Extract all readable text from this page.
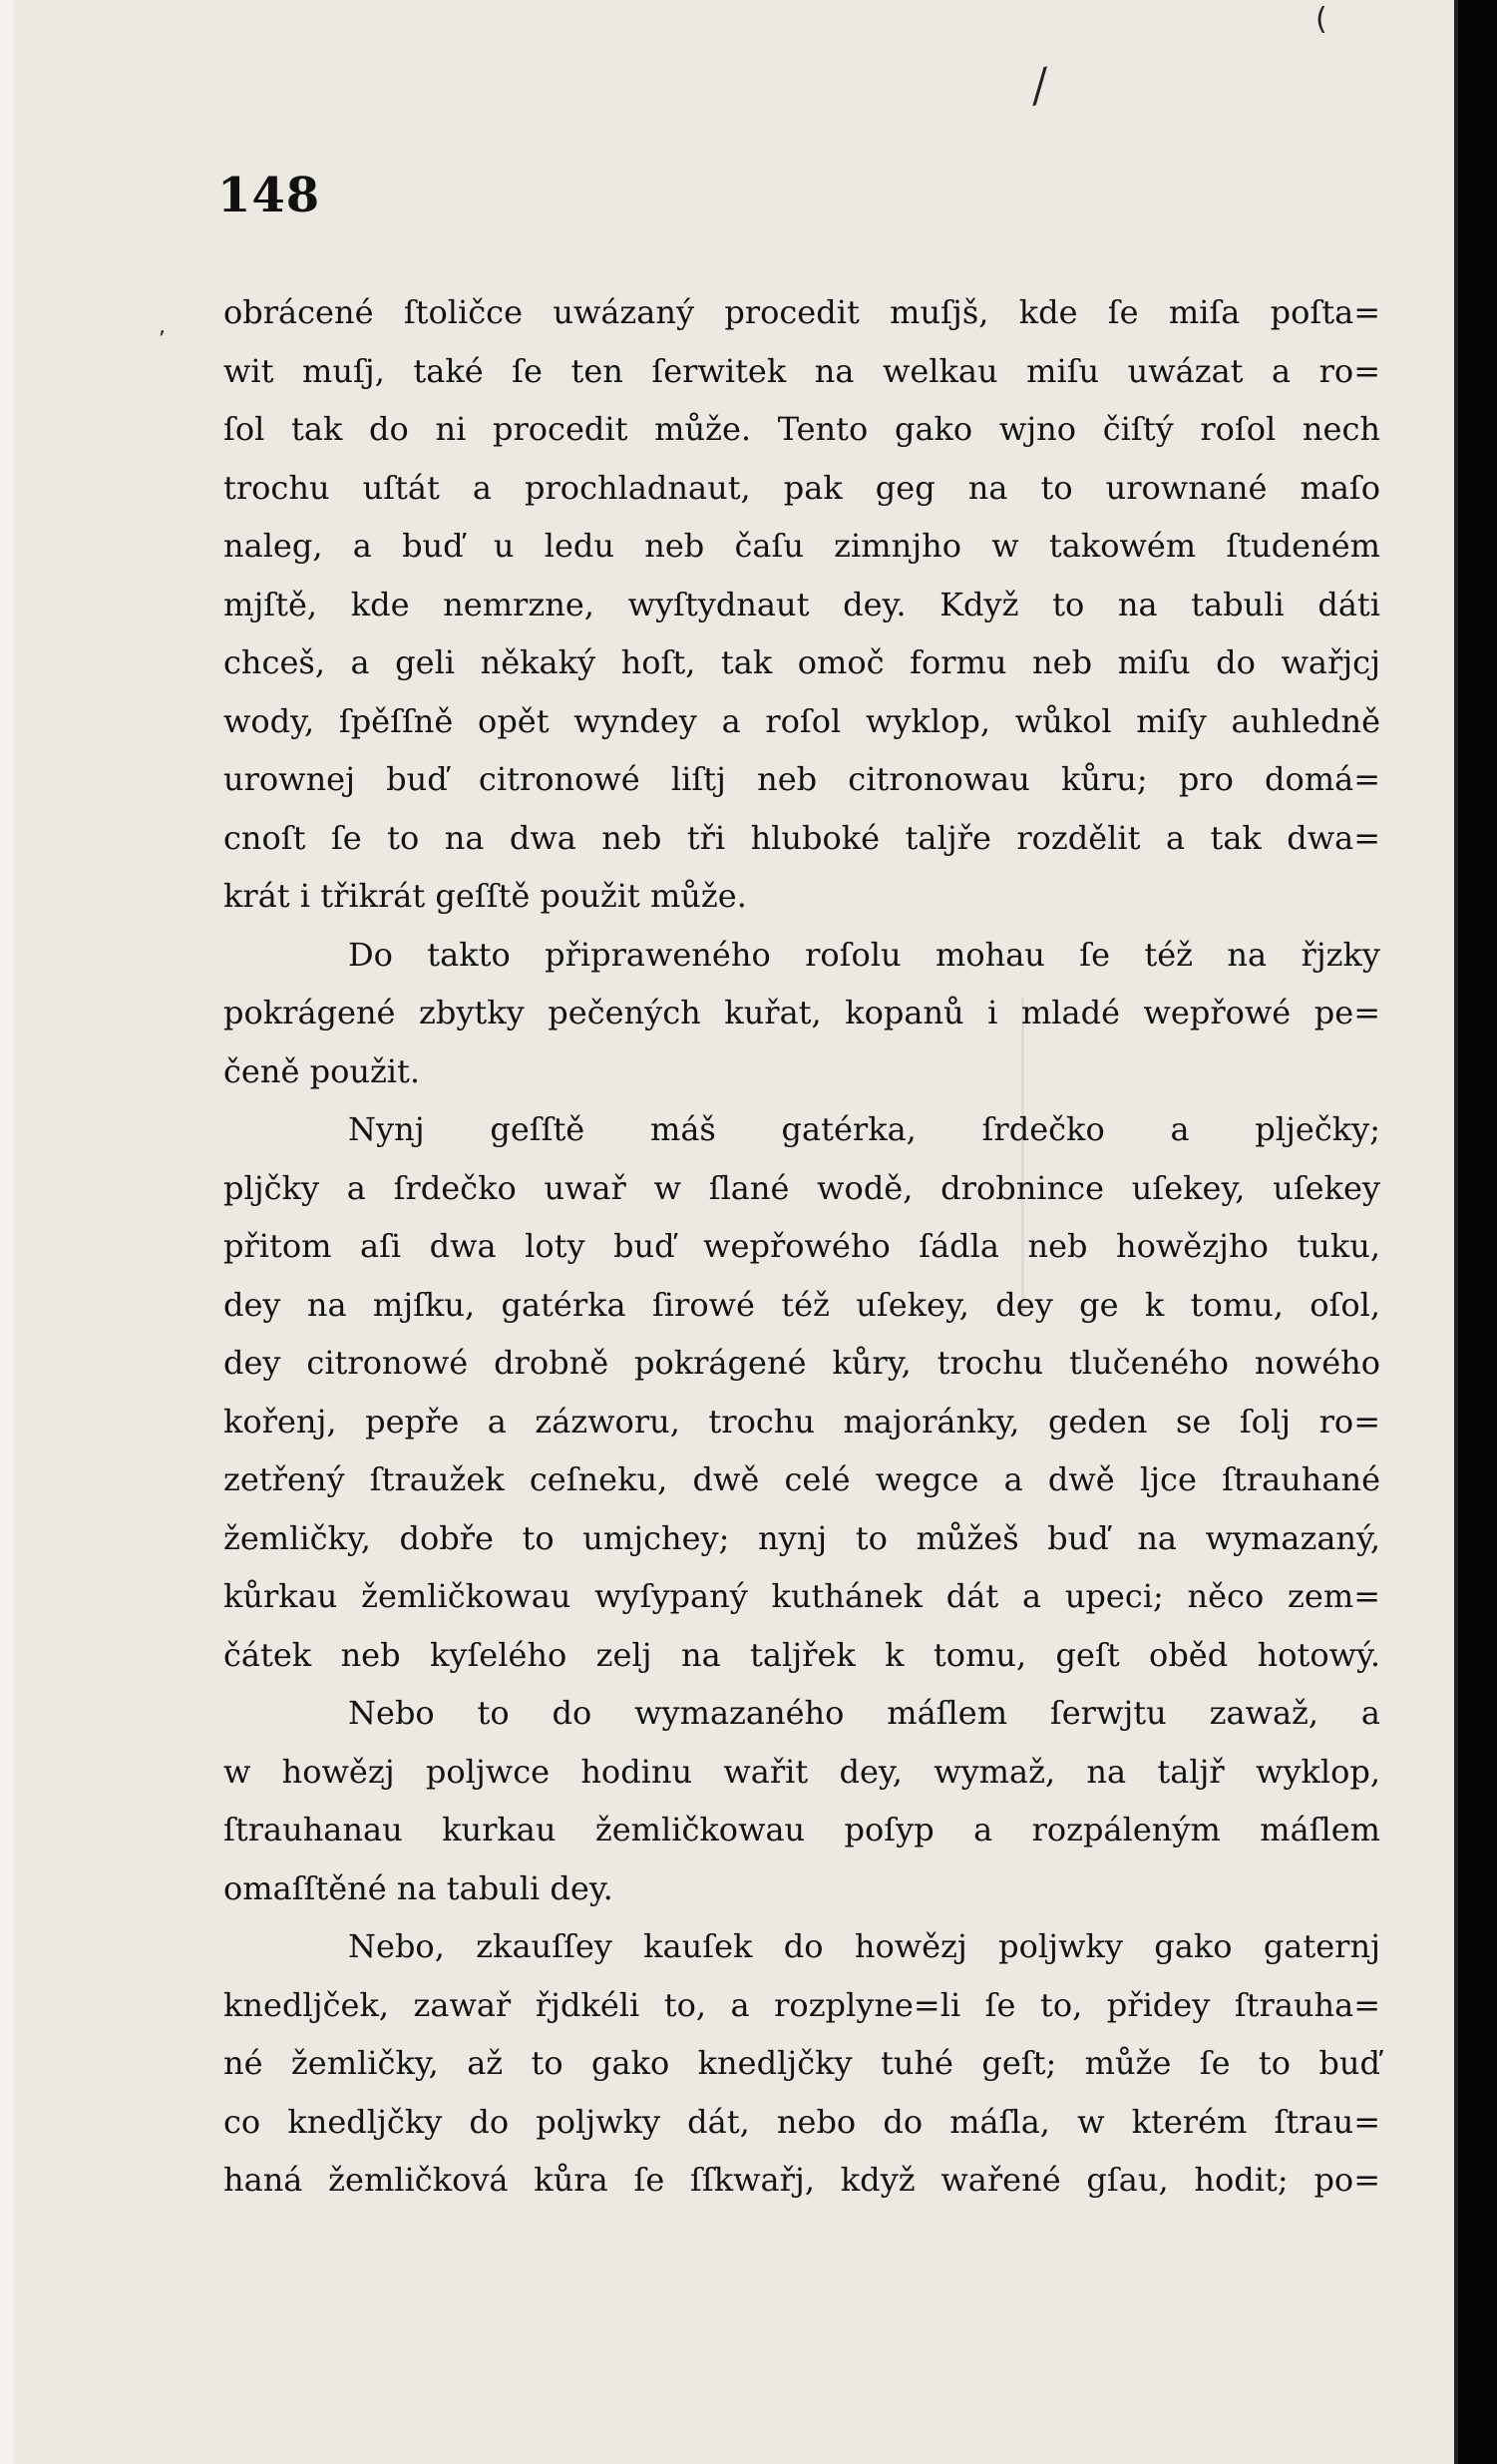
(
⁄
,
148
obrácené ſtoličce uwázaný procedit muſjš, kde ſe miſa poſta=
wit muſj, také ſe ten ſerwitek na welkau miſu uwázat a ro=
ſol tak do ni procedit může. Tento gako wjno čiſtý roſol nech
trochu uſtát a prochladnaut, pak geg na to urownané maſo
naleg, a buď u ledu neb čaſu zimnjho w takowém ſtudeném
mjſtě, kde nemrzne, wyſtydnaut dey. Když to na tabuli dáti
chceš, a geli někaký hoſt, tak omoč formu neb miſu do wařjcj
wody, ſpěſſně opět wyndey a roſol wyklop, wůkol miſy auhledně
urownej buď citronowé liſtj neb citronowau kůru; pro domá=
cnoſt ſe to na dwa neb tři hluboké taljře rozdělit a tak dwa=
krát i třikrát geſſtě použit může.
Do takto připraweného roſolu mohau ſe též na řjzky
pokrágené zbytky pečených kuřat, kopanů i mladé wepřowé pe=
čeně použit.
Nynj geſſtě máš gatérka, ſrdečko a plječky;
pljčky a ſrdečko uwař w ſlané wodě, drobnince uſekey, uſekey
přitom aſi dwa loty buď wepřowého ſádla neb howězjho tuku,
dey na mjſku, gatérka ſirowé též uſekey, dey ge k tomu, oſol,
dey citronowé drobně pokrágené kůry, trochu tlučeného nowého
kořenj, pepře a zázworu, trochu majoránky, geden se ſolj ro=
zetřený ſtraužek ceſneku, dwě celé wegce a dwě ljce ſtrauhané
žemličky, dobře to umjchey; nynj to můžeš buď na wymazaný,
kůrkau žemličkowau wyſypaný kuthánek dát a upeci; něco zem=
čátek neb kyſelého zelj na taljřek k tomu, geſt oběd hotowý.
Nebo to do wymazaného máſlem ſerwjtu zawaž, a
w howězj poljwce hodinu wařit dey, wymaž, na taljř wyklop,
ſtrauhanau kurkau žemličkowau poſyp a rozpáleným máſlem
omaſſtěné na tabuli dey.
Nebo, zkauſſey kauſek do howězj poljwky gako gaternj
knedljček, zawař řjdkéli to, a rozplyne=li ſe to, přidey ſtrauha=
né žemličky, až to gako knedljčky tuhé geſt; může ſe to buď
co knedljčky do poljwky dát, nebo do máſla, w kterém ſtrau=
haná žemličková kůra ſe ſſkwařj, když wařené gſau, hodit; po=
